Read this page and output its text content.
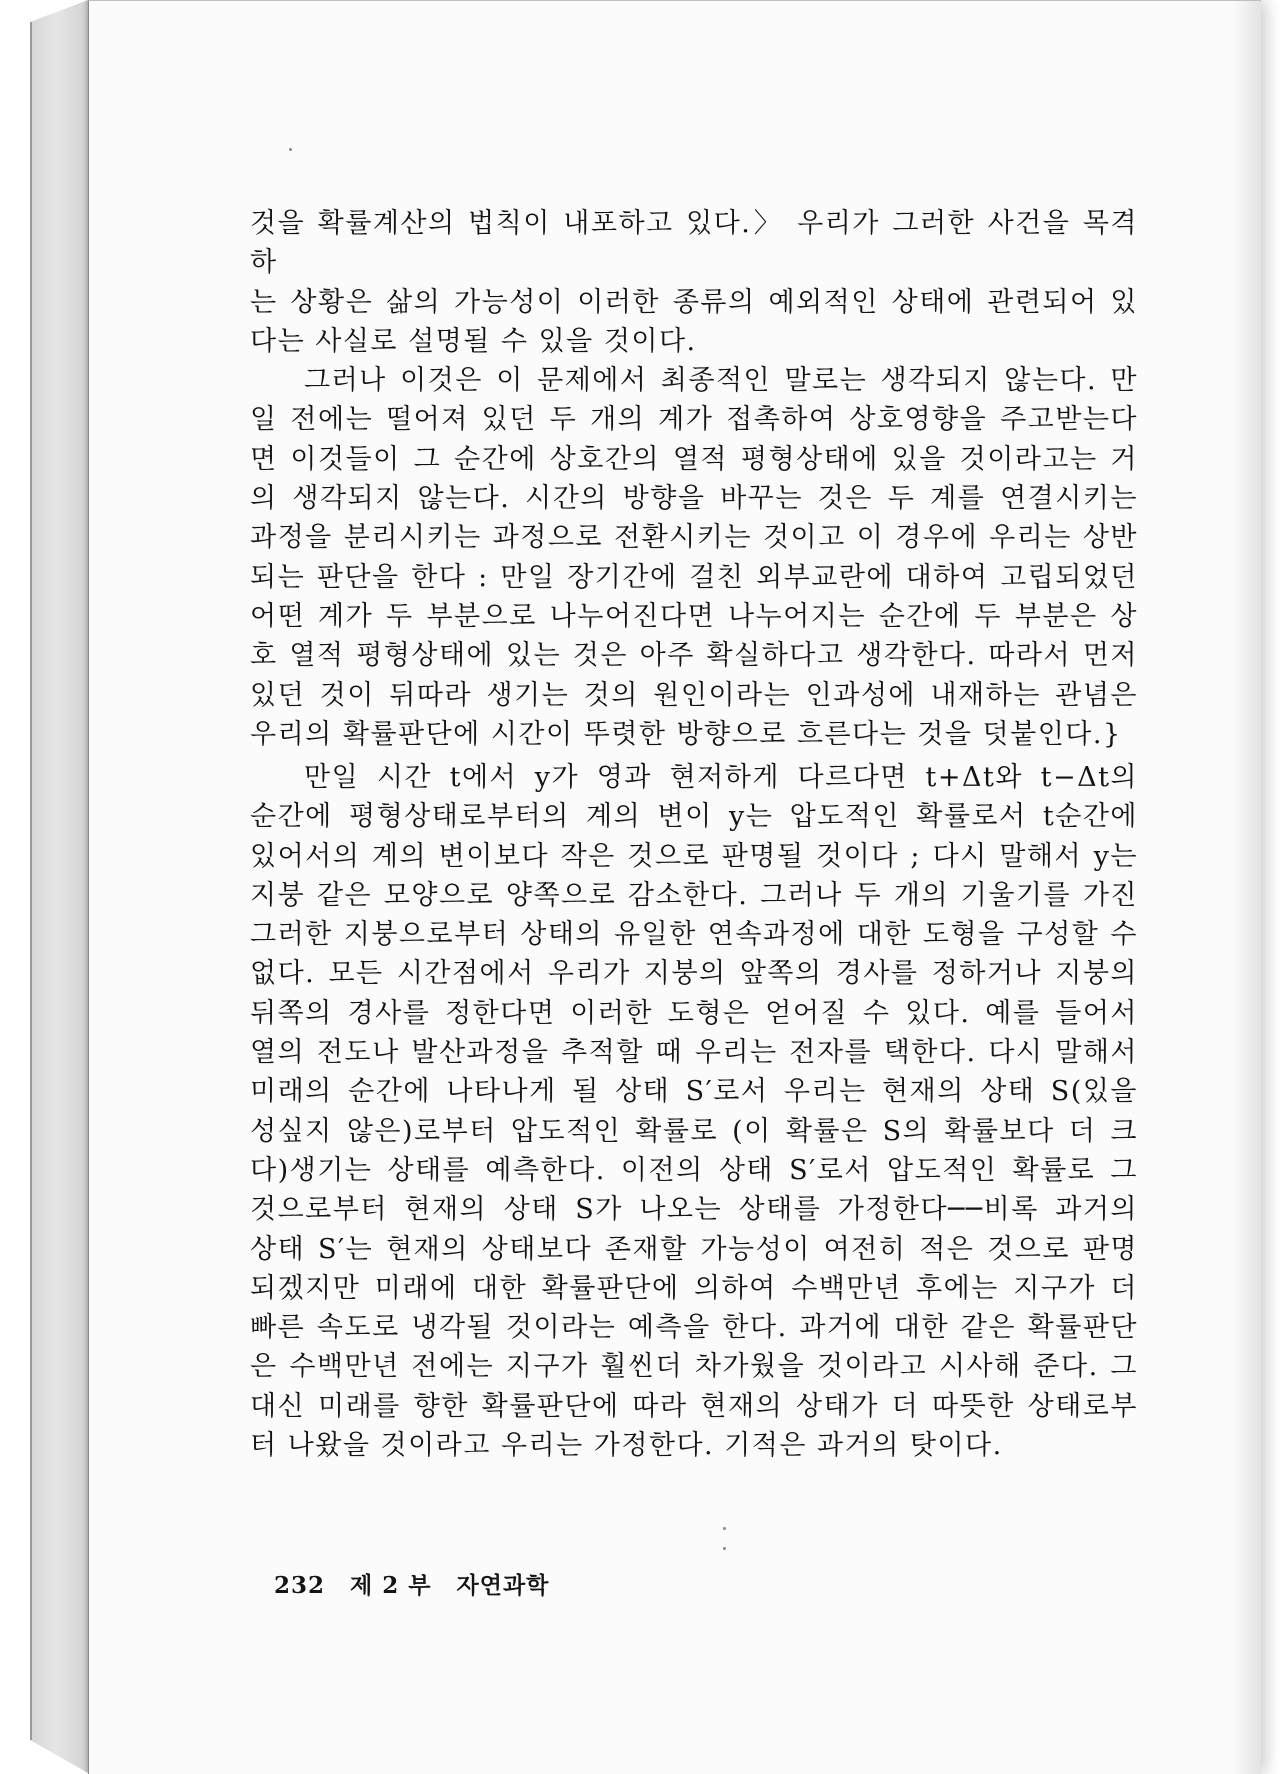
것을 확률계산의 법칙이 내포하고 있다.〉 우리가 그러한 사건을 목격하

는 상황은 삶의 가능성이 이러한 종류의 예외적인 상태에 관련되어 있

다는 사실로 설명될 수 있을 것이다.

그러나 이것은 이 문제에서 최종적인 말로는 생각되지 않는다. 만

일 전에는 떨어져 있던 두 개의 계가 접촉하여 상호영향을 주고받는다

면 이것들이 그 순간에 상호간의 열적 평형상태에 있을 것이라고는 거

의 생각되지 않는다. 시간의 방향을 바꾸는 것은 두 계를 연결시키는

과정을 분리시키는 과정으로 전환시키는 것이고 이 경우에 우리는 상반

되는 판단을 한다 : 만일 장기간에 걸친 외부교란에 대하여 고립되었던

어떤 계가 두 부분으로 나누어진다면 나누어지는 순간에 두 부분은 상

호 열적 평형상태에 있는 것은 아주 확실하다고 생각한다. 따라서 먼저

있던 것이 뒤따라 생기는 것의 원인이라는 인과성에 내재하는 관념은

우리의 확률판단에 시간이 뚜렷한 방향으로 흐른다는 것을 덧붙인다.}

만일 시간 t에서 y가 영과 현저하게 다르다면 t+Δt와 t−Δt의

순간에 평형상태로부터의 계의 변이 y는 압도적인 확률로서 t순간에

있어서의 계의 변이보다 작은 것으로 판명될 것이다 ; 다시 말해서 y는

지붕 같은 모양으로 양쪽으로 감소한다. 그러나 두 개의 기울기를 가진

그러한 지붕으로부터 상태의 유일한 연속과정에 대한 도형을 구성할 수

없다. 모든 시간점에서 우리가 지붕의 앞쪽의 경사를 정하거나 지붕의

뒤쪽의 경사를 정한다면 이러한 도형은 얻어질 수 있다. 예를 들어서

열의 전도나 발산과정을 추적할 때 우리는 전자를 택한다. 다시 말해서

미래의 순간에 나타나게 될 상태 S′로서 우리는 현재의 상태 S(있을

성싶지 않은)로부터 압도적인 확률로 (이 확률은 S의 확률보다 더 크

다)생기는 상태를 예측한다. 이전의 상태 S′로서 압도적인 확률로 그

것으로부터 현재의 상태 S가 나오는 상태를 가정한다──비록 과거의

상태 S′는 현재의 상태보다 존재할 가능성이 여전히 적은 것으로 판명

되겠지만 미래에 대한 확률판단에 의하여 수백만년 후에는 지구가 더

빠른 속도로 냉각될 것이라는 예측을 한다. 과거에 대한 같은 확률판단

은 수백만년 전에는 지구가 훨씬더 차가웠을 것이라고 시사해 준다. 그

대신 미래를 향한 확률판단에 따라 현재의 상태가 더 따뜻한 상태로부

터 나왔을 것이라고 우리는 가정한다. 기적은 과거의 탓이다.

232 제 2 부 자연과학
